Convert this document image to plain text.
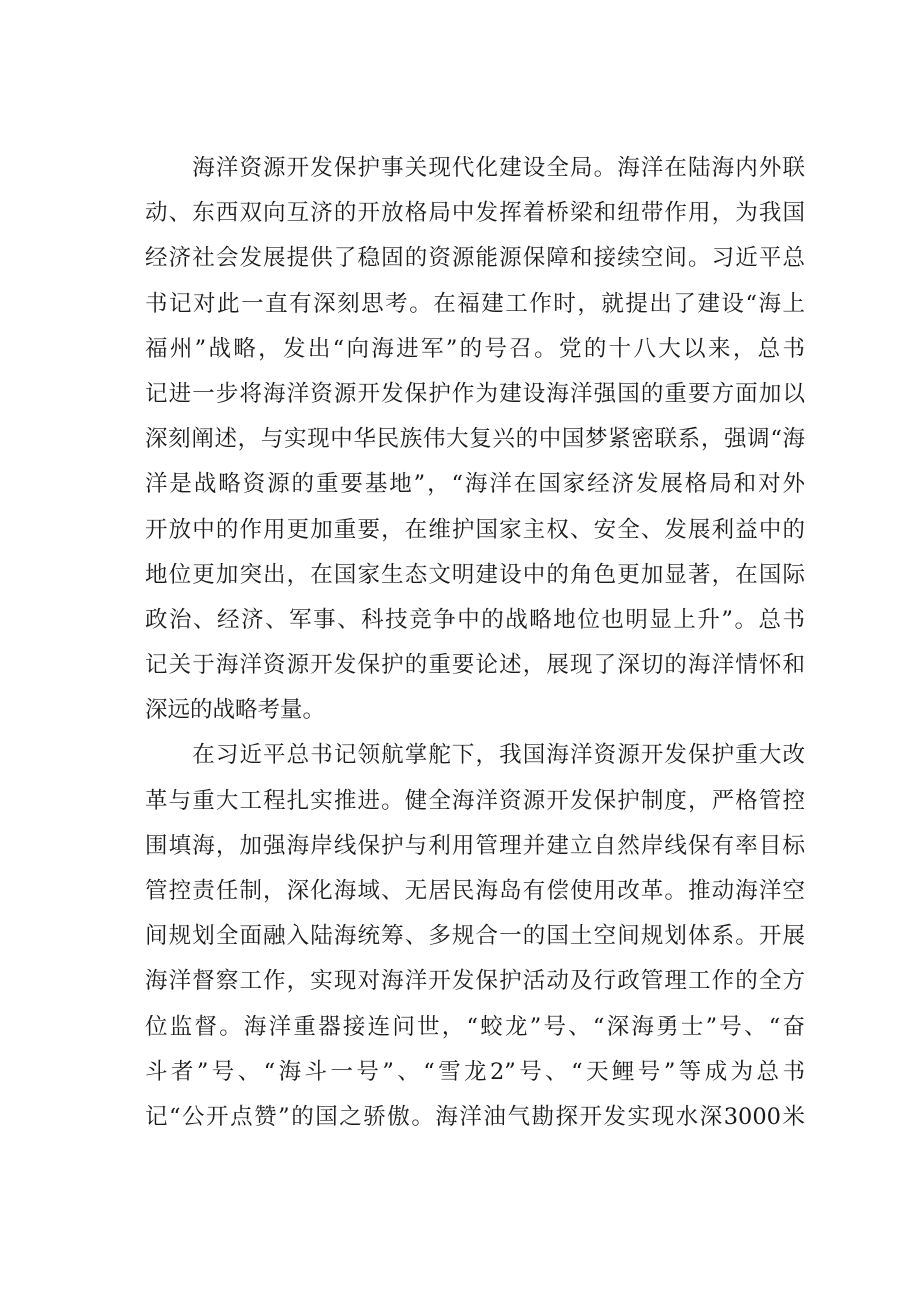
　　海洋资源开发保护事关现代化建设全局。海洋在陆海内外联
动、东西双向互济的开放格局中发挥着桥梁和纽带作用，为我国
经济社会发展提供了稳固的资源能源保障和接续空间。习近平总
书记对此一直有深刻思考。在福建工作时，就提出了建设“海上
福州”战略，发出“向海进军”的号召。党的十八大以来，总书
记进一步将海洋资源开发保护作为建设海洋强国的重要方面加以
深刻阐述，与实现中华民族伟大复兴的中国梦紧密联系，强调“海
洋是战略资源的重要基地”，“海洋在国家经济发展格局和对外
开放中的作用更加重要，在维护国家主权、安全、发展利益中的
地位更加突出，在国家生态文明建设中的角色更加显著，在国际
政治、经济、军事、科技竞争中的战略地位也明显上升”。总书
记关于海洋资源开发保护的重要论述，展现了深切的海洋情怀和
深远的战略考量。
　　在习近平总书记领航掌舵下，我国海洋资源开发保护重大改
革与重大工程扎实推进。健全海洋资源开发保护制度，严格管控
围填海，加强海岸线保护与利用管理并建立自然岸线保有率目标
管控责任制，深化海域、无居民海岛有偿使用改革。推动海洋空
间规划全面融入陆海统筹、多规合一的国土空间规划体系。开展
海洋督察工作，实现对海洋开发保护活动及行政管理工作的全方
位监督。海洋重器接连问世，“蛟龙”号、“深海勇士”号、“奋
斗者”号、“海斗一号”、“雪龙2”号、“天鲤号”等成为总书
记“公开点赞”的国之骄傲。海洋油气勘探开发实现水深3000米
